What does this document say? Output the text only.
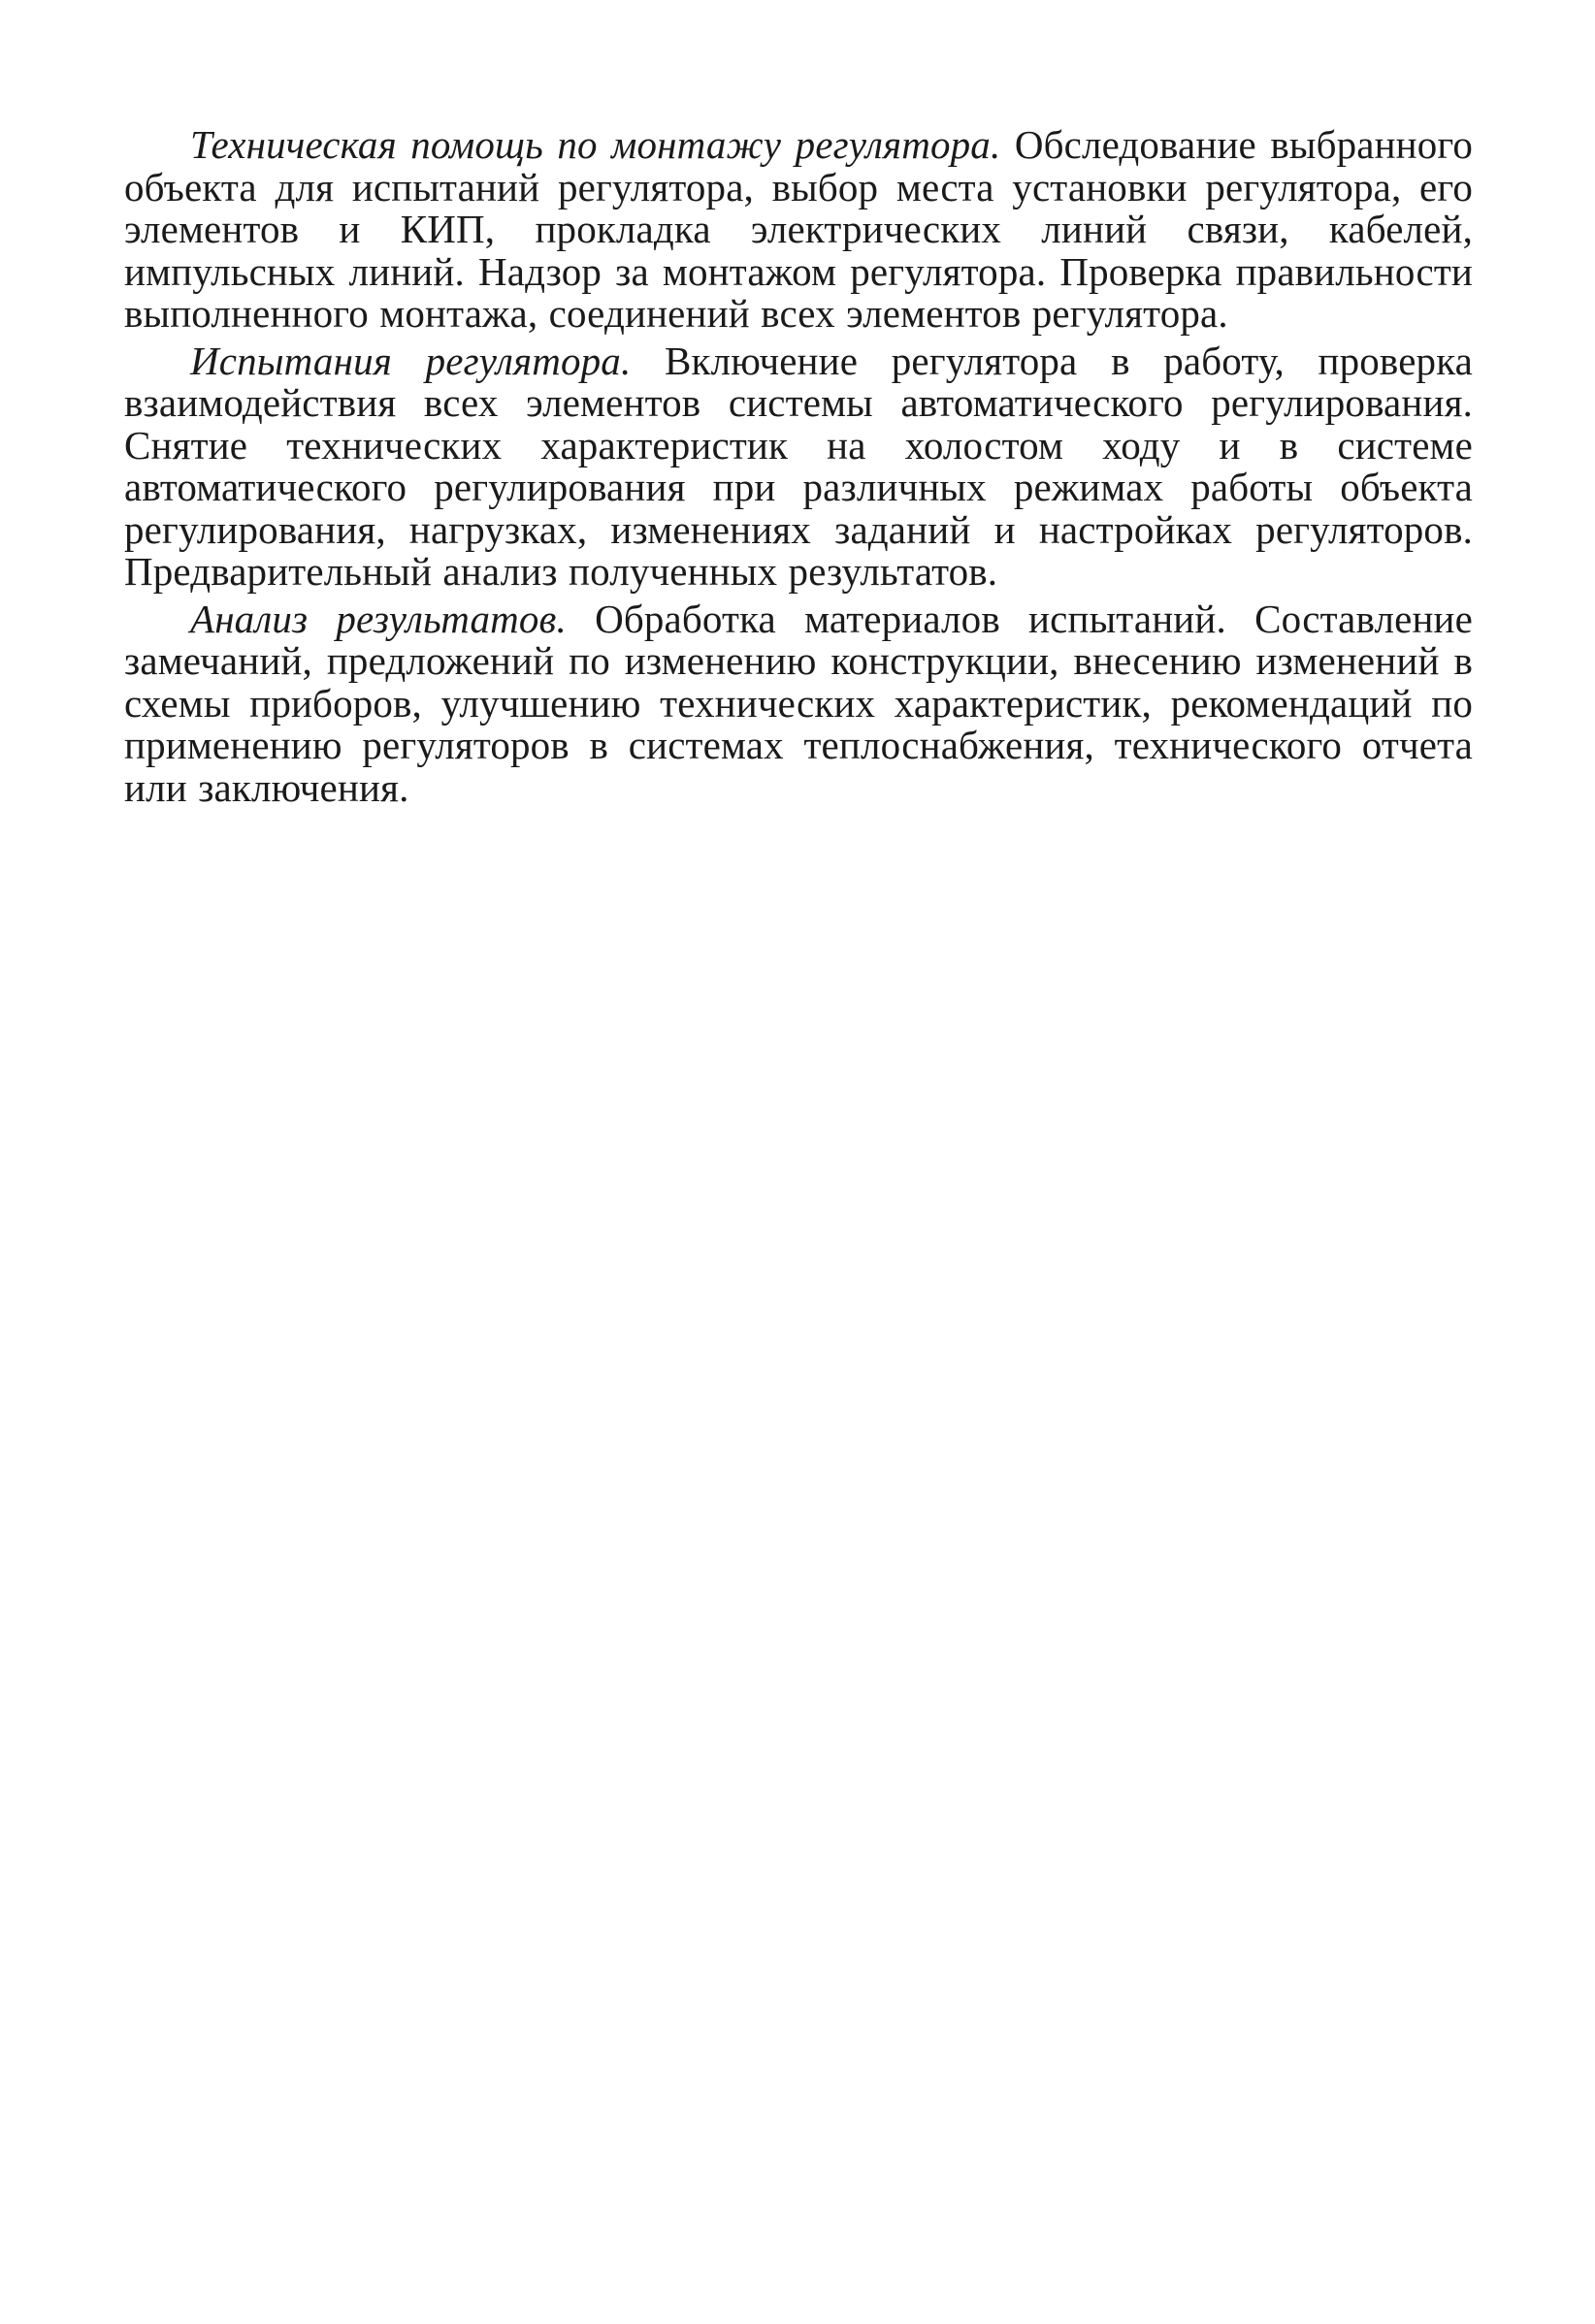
Техническая помощь по монтажу регулятора. Обследование выбранного объекта для испытаний регулятора, выбор места установки регулятора, его элементов и КИП, прокладка электрических линий связи, кабелей, импульсных линий. Надзор за монтажом регулятора. Проверка правильности выполненного монтажа, соединений всех элементов регулятора.

Испытания регулятора. Включение регулятора в работу, проверка взаимодействия всех элементов системы автоматического регулирования. Снятие технических характеристик на холостом ходу и в системе автоматического регулирования при различных режимах работы объекта регулирования, нагрузках, изменениях заданий и настройках регуляторов. Предварительный анализ полученных результатов.

Анализ результатов. Обработка материалов испытаний. Составление замечаний, предложений по изменению конструкции, внесению изменений в схемы приборов, улучшению технических характеристик, рекомендаций по применению регуляторов в системах теплоснабжения, технического отчета или заключения.
